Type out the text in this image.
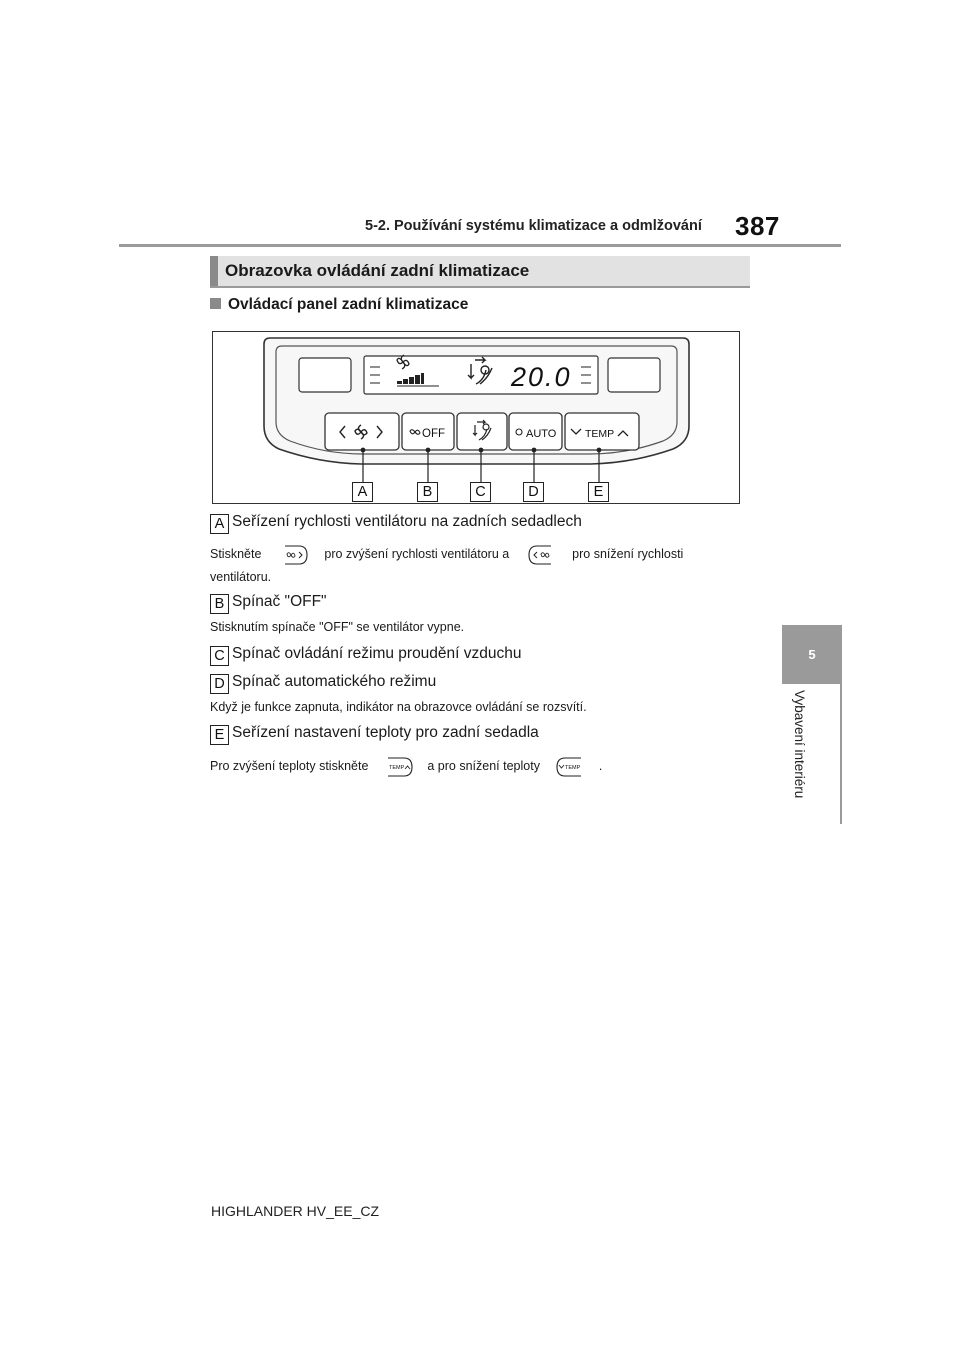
5-2. Používání systému klimatizace a odmlžování 387
5
Vybavení interiéru
Obrazovka ovládání zadní klimatizace
Ovládací panel zadní klimatizace
20.0
OFF	AUTO	TEMP
A	B	C	D	E
A Seřízení rychlosti ventilátoru na zadních sedadlech
Stiskněte	pro zvýšení rychlosti ventilátoru a	pro snížení rychlosti
ventilátoru.
B Spínač "OFF"
Stisknutím spínače "OFF" se ventilátor vypne.
C Spínač ovládání režimu proudění vzduchu
D Spínač automatického režimu
Když je funkce zapnuta, indikátor na obrazovce ovládání se rozsvítí.
E Seřízení nastavení teploty pro zadní sedadla
Pro zvýšení teploty stiskněte	TEMP a pro snížení teploty	TEMP .
HIGHLANDER HV_EE_CZ
